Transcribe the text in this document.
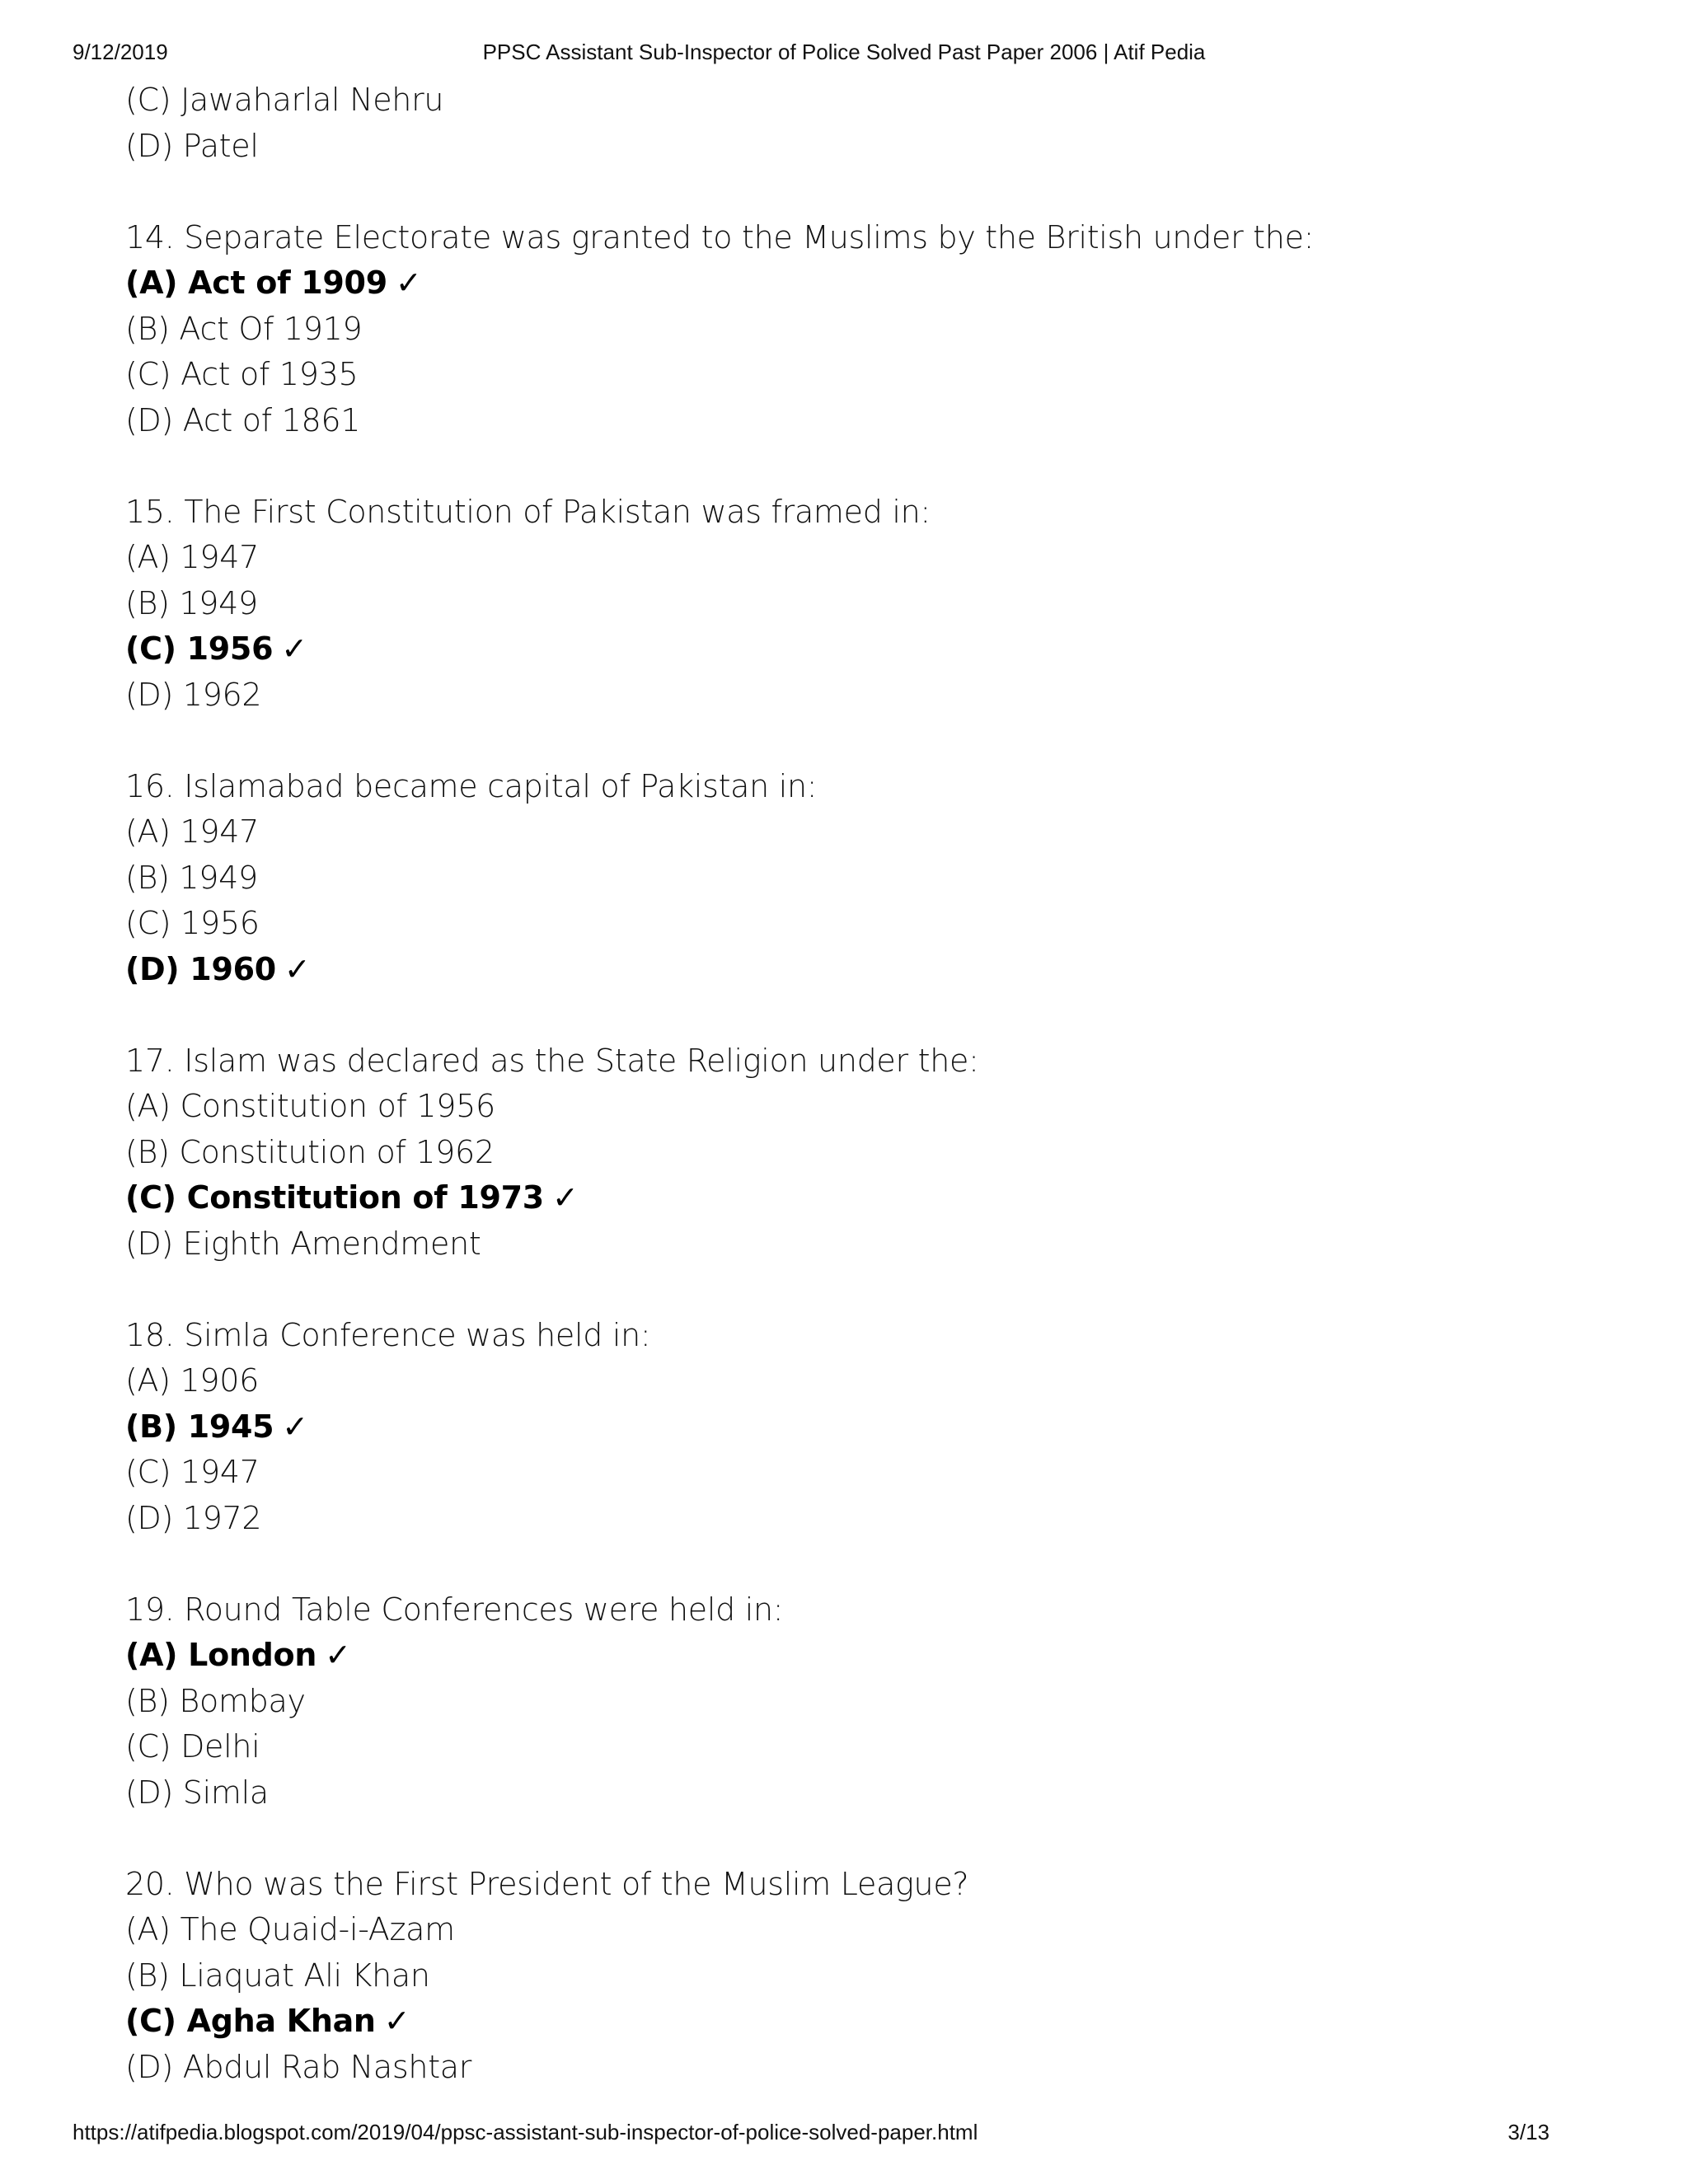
9/12/2019	PPSC Assistant Sub-Inspector of Police Solved Past Paper 2006 | Atif Pedia
(C) Jawaharlal Nehru
(D) Patel
14. Separate Electorate was granted to the Muslims by the British under the:
(A) Act of 1909 ✓
(B) Act Of 1919
(C) Act of 1935
(D) Act of 1861
15. The First Constitution of Pakistan was framed in:
(A) 1947
(B) 1949
(C) 1956 ✓
(D) 1962
16. Islamabad became capital of Pakistan in:
(A) 1947
(B) 1949
(C) 1956
(D) 1960 ✓
17. Islam was declared as the State Religion under the:
(A) Constitution of 1956
(B) Constitution of 1962
(C) Constitution of 1973 ✓
(D) Eighth Amendment
18. Simla Conference was held in:
(A) 1906
(B) 1945 ✓
(C) 1947
(D) 1972
19. Round Table Conferences were held in:
(A) London ✓
(B) Bombay
(C) Delhi
(D) Simla
20. Who was the First President of the Muslim League?
(A) The Quaid-i-Azam
(B) Liaquat Ali Khan
(C) Agha Khan ✓
(D) Abdul Rab Nashtar
https://atifpedia.blogspot.com/2019/04/ppsc-assistant-sub-inspector-of-police-solved-paper.html	3/13
